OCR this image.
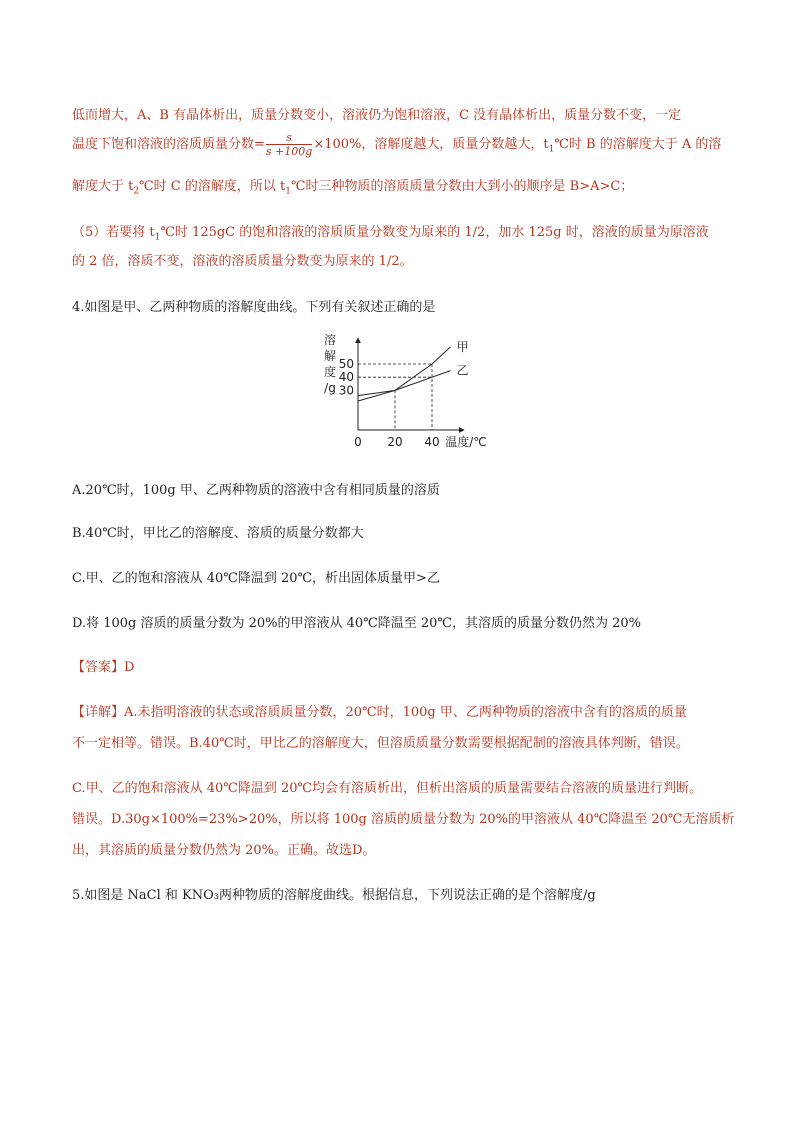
低而增大，A、B 有晶体析出，质量分数变小，溶液仍为饱和溶液，C 没有晶体析出，质量分数不变，一定
温度下饱和溶液的溶质质量分数= $\frac{s}{s +100g} \times 100\%$，溶解度越大，质量分数越大，$t_1℃$时 B 的溶解度大于 A 的溶
解度大于 $t_2℃$时 C 的溶解度，所以 $t_1℃$时三种物质的溶质质量分数由大到小的顺序是 B>A>C；
（5）若要将 $t_1℃$时 125gC 的饱和溶液的溶质质量分数变为原来的 1/2，加水 125g 时，溶液的质量为原溶液
的 2 倍，溶质不变，溶液的溶质质量分数变为原来的 1/2。
4.如图是甲、乙两种物质的溶解度曲线。下列有关叙述正确的是
甲
乙
0 20 40 温度/℃
30
40
50
溶
解
度
/g
A.20℃时，100g 甲、乙两种物质的溶液中含有相同质量的溶质
B.40℃时，甲比乙的溶解度、溶质的质量分数都大
C.甲、乙的饱和溶液从 40℃降温到 20℃，析出固体质量甲>乙
D.将 100g 溶质的质量分数为 20%的甲溶液从 40℃降温至 20℃，其溶质的质量分数仍然为 20%
【答案】D
【详解】A.未指明溶液的状态或溶质质量分数，20℃时，100g 甲、乙两种物质的溶液中含有的溶质的质量
不一定相等。错误。B.40℃时，甲比乙的溶解度大，但溶质质量分数需要根据配制的溶液具体判断，错误。
C.甲、乙的饱和溶液从 40℃降温到 20℃均会有溶质析出，但析出溶质的质量需要结合溶液的质量进行判断。
错误。D.30g×100%=23%>20%，所以将 100g 溶质的质量分数为 20%的甲溶液从 40℃降温至 20℃无溶质析
出，其溶质的质量分数仍然为 20%。正确。故选D。
5.如图是 NaCl 和 KNO₃两种物质的溶解度曲线。根据信息，下列说法正确的是个溶解度/g
